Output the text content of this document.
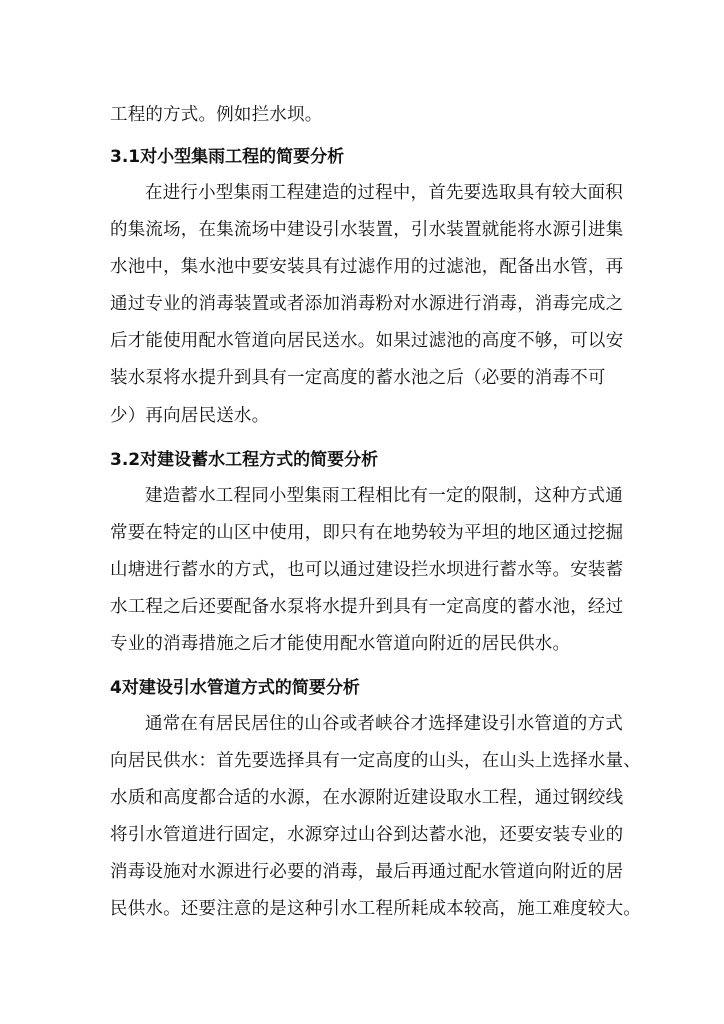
工程的方式。例如拦水坝。
3.1对小型集雨工程的简要分析
在进行小型集雨工程建造的过程中，首先要选取具有较大面积
的集流场，在集流场中建设引水装置，引水装置就能将水源引进集
水池中，集水池中要安装具有过滤作用的过滤池，配备出水管，再
通过专业的消毒装置或者添加消毒粉对水源进行消毒，消毒完成之
后才能使用配水管道向居民送水。如果过滤池的高度不够，可以安
装水泵将水提升到具有一定高度的蓄水池之后（必要的消毒不可
少）再向居民送水。
3.2对建设蓄水工程方式的简要分析
建造蓄水工程同小型集雨工程相比有一定的限制，这种方式通
常要在特定的山区中使用，即只有在地势较为平坦的地区通过挖掘
山塘进行蓄水的方式，也可以通过建设拦水坝进行蓄水等。安装蓄
水工程之后还要配备水泵将水提升到具有一定高度的蓄水池，经过
专业的消毒措施之后才能使用配水管道向附近的居民供水。
4对建设引水管道方式的简要分析
通常在有居民居住的山谷或者峡谷才选择建设引水管道的方式
向居民供水：首先要选择具有一定高度的山头，在山头上选择水量、
水质和高度都合适的水源，在水源附近建设取水工程，通过钢绞线
将引水管道进行固定，水源穿过山谷到达蓄水池，还要安装专业的
消毒设施对水源进行必要的消毒，最后再通过配水管道向附近的居
民供水。还要注意的是这种引水工程所耗成本较高，施工难度较大。
